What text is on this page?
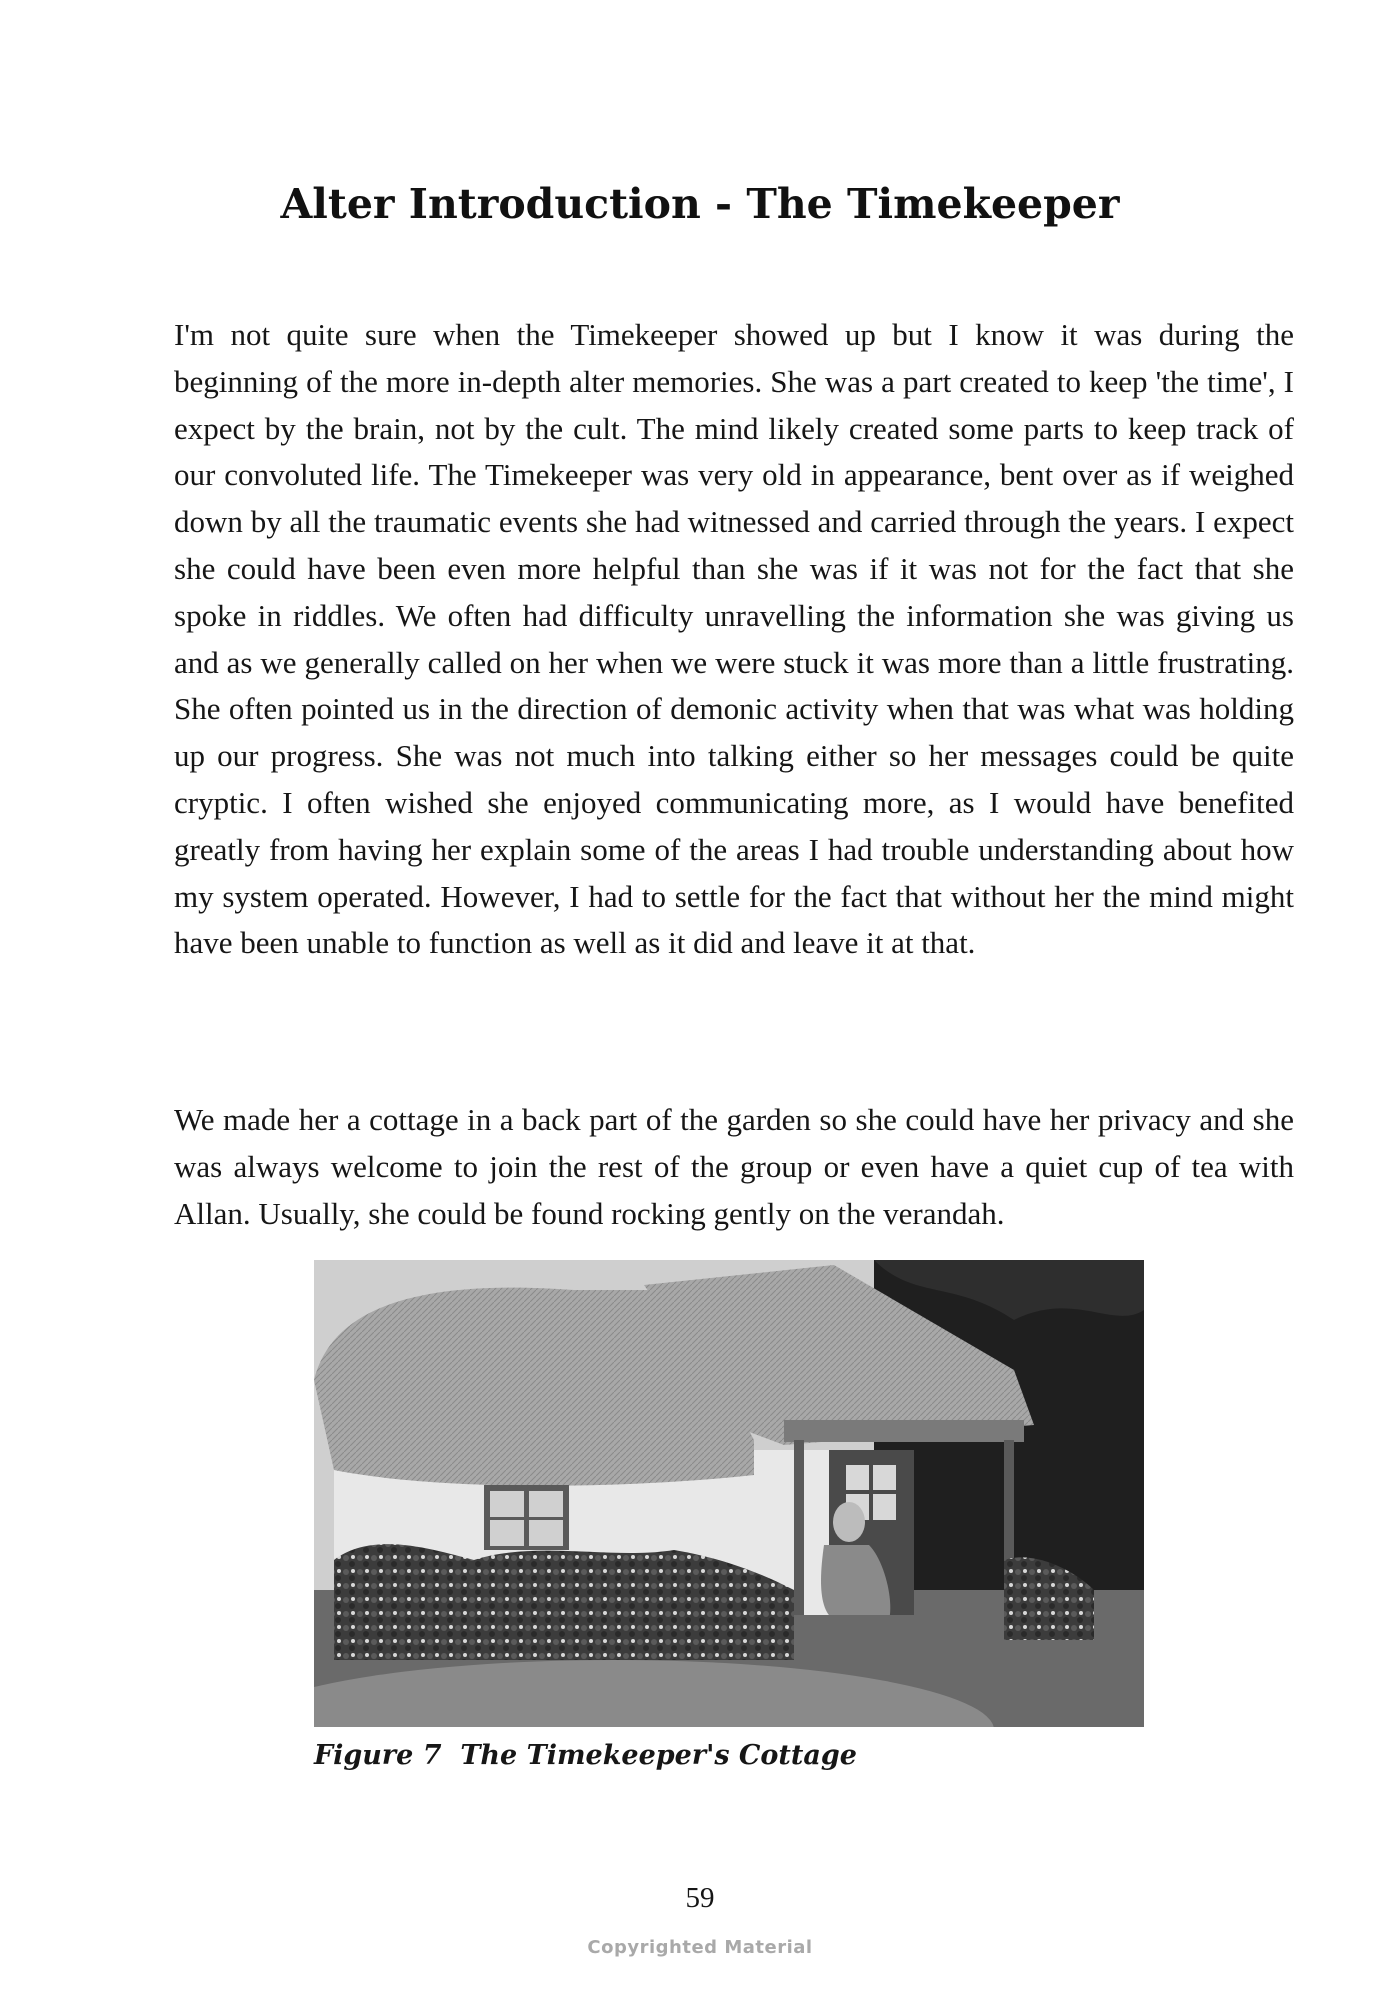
Alter Introduction - The Timekeeper

I'm not quite sure when the Timekeeper showed up but I know it was during the beginning of the more in-depth alter memories. She was a part created to keep 'the time', I expect by the brain, not by the cult. The mind likely created some parts to keep track of our convoluted life. The Timekeeper was very old in appearance, bent over as if weighed down by all the traumatic events she had witnessed and carried through the years. I expect she could have been even more helpful than she was if it was not for the fact that she spoke in riddles. We often had difficulty unravelling the information she was giving us and as we generally called on her when we were stuck it was more than a little frustrating. She often pointed us in the direction of demonic activity when that was what was holding up our progress. She was not much into talking either so her messages could be quite cryptic. I often wished she enjoyed communicating more, as I would have benefited greatly from having her explain some of the areas I had trouble understanding about how my system operated. However, I had to settle for the fact that without her the mind might have been unable to function as well as it did and leave it at that.

We made her a cottage in a back part of the garden so she could have her privacy and she was always welcome to join the rest of the group or even have a quiet cup of tea with Allan. Usually, she could be found rocking gently on the verandah.

Figure 7  The Timekeeper's Cottage
59
Copyrighted Material
